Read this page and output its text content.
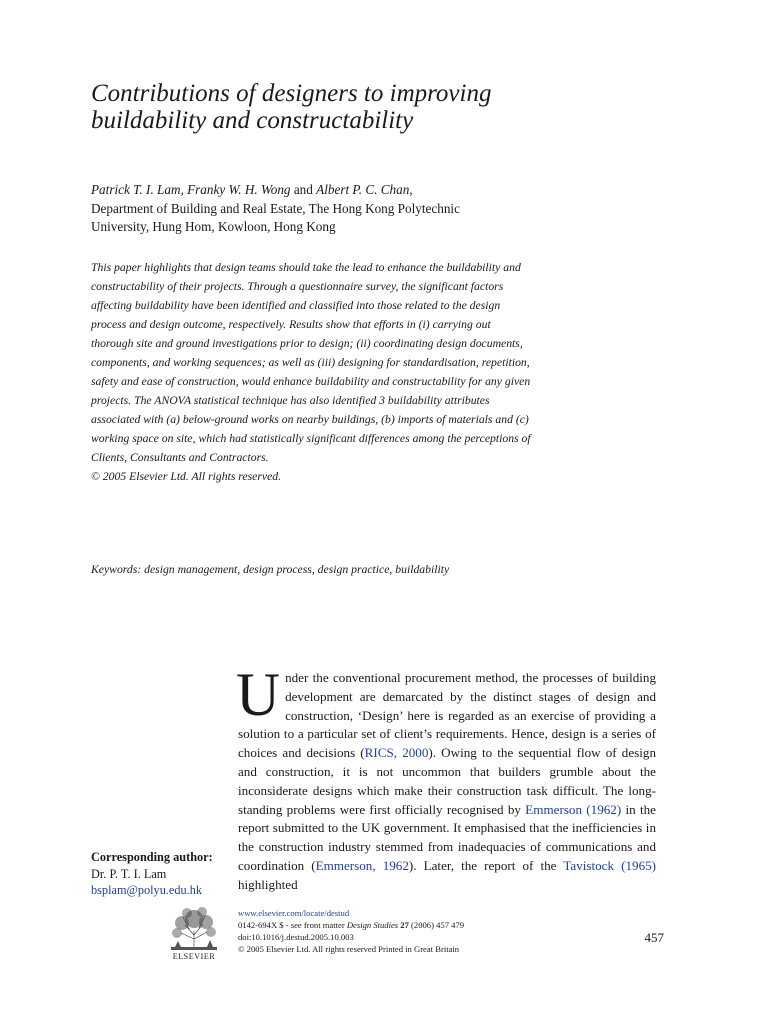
Contributions of designers to improving buildability and constructability
Patrick T. I. Lam, Franky W. H. Wong and Albert P. C. Chan,
Department of Building and Real Estate, The Hong Kong Polytechnic
University, Hung Hom, Kowloon, Hong Kong

This paper highlights that design teams should take the lead to enhance the buildability and constructability of their projects. Through a questionnaire survey, the significant factors affecting buildability have been identified and classified into those related to the design process and design outcome, respectively. Results show that efforts in (i) carrying out thorough site and ground investigations prior to design; (ii) coordinating design documents, components, and working sequences; as well as (iii) designing for standardisation, repetition, safety and ease of construction, would enhance buildability and constructability for any given projects. The ANOVA statistical technique has also identified 3 buildability attributes associated with (a) below-ground works on nearby buildings, (b) imports of materials and (c) working space on site, which had statistically significant differences among the perceptions of Clients, Consultants and Contractors.

© 2005 Elsevier Ltd. All rights reserved.

Keywords: design management, design process, design practice, buildability
U nder the conventional procurement method, the processes of building development are demarcated by the distinct stages of design and construction, ‘Design’ here is regarded as an exercise of providing a solution to a particular set of client’s requirements. Hence, design is a series of choices and decisions (RICS, 2000). Owing to the sequential flow of design and construction, it is not uncommon that builders grumble about the inconsiderate designs which make their construction task difficult. The long-standing problems were first officially recognised by Emmerson (1962) in the report submitted to the UK government. It emphasised that the inefficiencies in the construction industry stemmed from inadequacies of communications and coordination (Emmerson, 1962). Later, the report of the Tavistock (1965) highlighted

Corresponding author:
Dr. P. T. I. Lam
bsplam@polyu.edu.hk
ELSEVIER
www.elsevier.com/locate/destud
0142-694X $ - see front matter Design Studies 27 (2006) 457 479
doi:10.1016/j.destud.2005.10.003
© 2005 Elsevier Ltd. All rights reserved Printed in Great Britain
457
